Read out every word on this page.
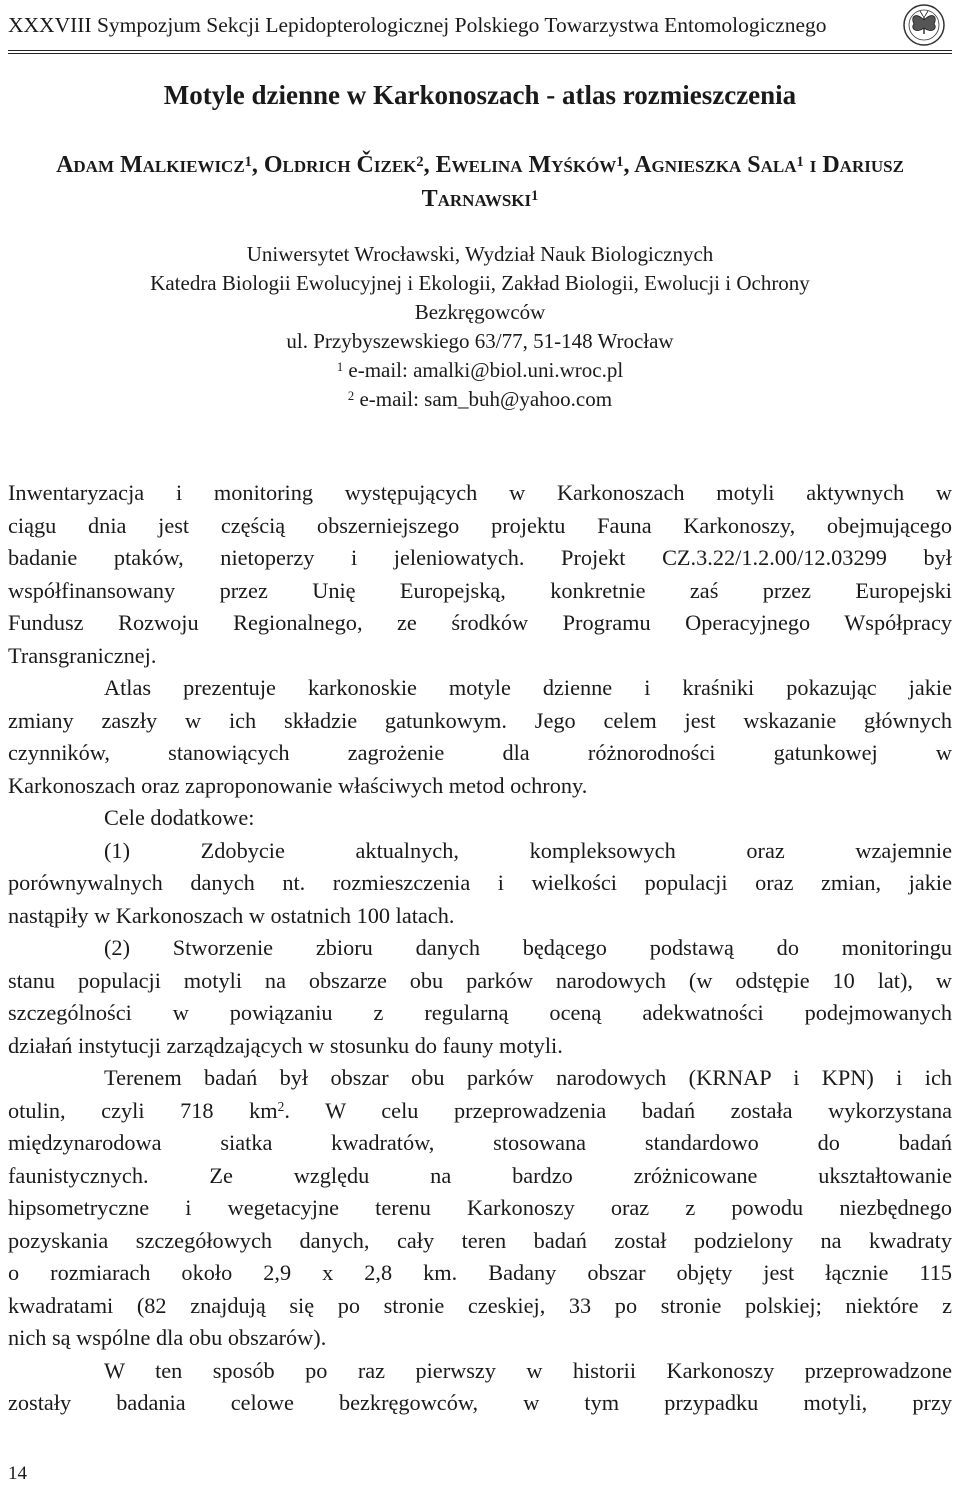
XXXVIII Sympozjum Sekcji Lepidopterologicznej Polskiego Towarzystwa Entomologicznego
Motyle dzienne w Karkonoszach - atlas rozmieszczenia
Adam Malkiewicz$^1$, Oldrich Čizek$^2$, Ewelina Myśków$^1$, Agnieszka Sala$^1$ i Dariusz Tarnawski$^1$
Uniwersytet Wrocławski, Wydział Nauk Biologicznych
Katedra Biologii Ewolucyjnej i Ekologii, Zakład Biologii, Ewolucji i Ochrony
Bezkręgowców
ul. Przybyszewskiego 63/77, 51-148 Wrocław
$^1$ e-mail: amalki@biol.uni.wroc.pl
$^2$ e-mail: sam_buh@yahoo.com

Inwentaryzacja i monitoring występujących w Karkonoszach motyli aktywnych w
ciągu dnia jest częścią obszerniejszego projektu Fauna Karkonoszy, obejmującego
badanie ptaków, nietoperzy i jeleniowatych. Projekt CZ.3.22/1.2.00/12.03299 był
współfinansowany przez Unię Europejską, konkretnie zaś przez Europejski
Fundusz Rozwoju Regionalnego, ze środków Programu Operacyjnego Współpracy
Transgranicznej.

Atlas prezentuje karkonoskie motyle dzienne i kraśniki pokazując jakie
zmiany zaszły w ich składzie gatunkowym. Jego celem jest wskazanie głównych
czynników, stanowiących zagrożenie dla różnorodności gatunkowej w
Karkonoszach oraz zaproponowanie właściwych metod ochrony.

Cele dodatkowe:

(1) Zdobycie aktualnych, kompleksowych oraz wzajemnie
porównywalnych danych nt. rozmieszczenia i wielkości populacji oraz zmian, jakie
nastąpiły w Karkonoszach w ostatnich 100 latach.

(2) Stworzenie zbioru danych będącego podstawą do monitoringu
stanu populacji motyli na obszarze obu parków narodowych (w odstępie 10 lat), w
szczególności w powiązaniu z regularną oceną adekwatności podejmowanych
działań instytucji zarządzających w stosunku do fauny motyli.

Terenem badań był obszar obu parków narodowych (KRNAP i KPN) i ich
otulin, czyli 718 $km^2$. W celu przeprowadzenia badań została wykorzystana
międzynarodowa siatka kwadratów, stosowana standardowo do badań
faunistycznych. Ze względu na bardzo zróżnicowane ukształtowanie
hipsometryczne i wegetacyjne terenu Karkonoszy oraz z powodu niezbędnego
pozyskania szczegółowych danych, cały teren badań został podzielony na kwadraty
o rozmiarach około 2,9 x 2,8 km. Badany obszar objęty jest łącznie 115
kwadratami (82 znajdują się po stronie czeskiej, 33 po stronie polskiej; niektóre z
nich są wspólne dla obu obszarów).

W ten sposób po raz pierwszy w historii Karkonoszy przeprowadzone
zostały badania celowe bezkręgowców, w tym przypadku motyli, przy

14
